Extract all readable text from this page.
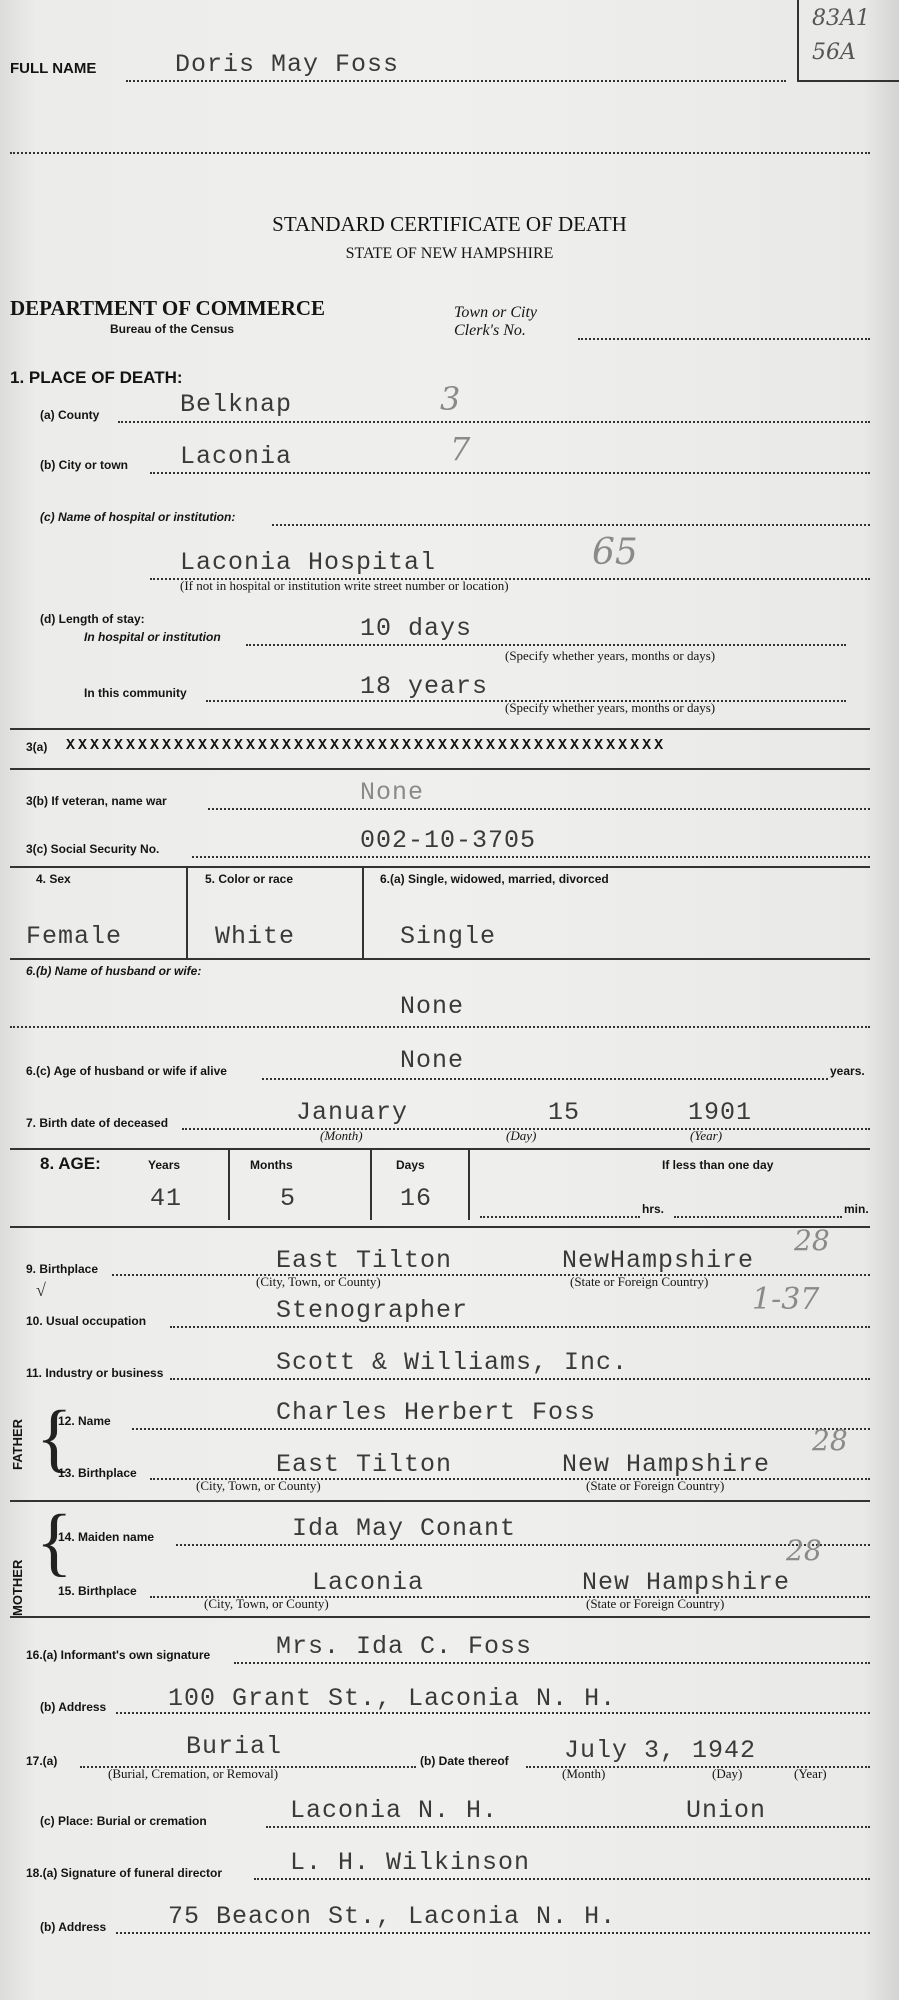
83A1
56A
FULL NAME	Doris May Foss
STANDARD CERTIFICATE OF DEATH
STATE OF NEW HAMPSHIRE
DEPARTMENT OF COMMERCE
Bureau of the Census
Town or City
Clerk's No.
1. PLACE OF DEATH:
(a) County	Belknap	3
(b) City or town Laconia	7
(c) Name of hospital or institution:
Laconia Hospital	65
(If not in hospital or institution write street number or location)
(d) Length of stay:
In hospital or institution	10 days
(Specify whether years, months or days)
In this community	18 years
(Specify whether years, months or days)
3(a) XXXXXXXXXXXXXXXXXXXXXXXXXXXXXXXXXXXXXXXXXXXXXXXXXX
3(b) If veteran, name war	None
3(c) Social Security No.	002-10-3705
4. Sex	5. Color or race	6.(a) Single, widowed, married, divorced
Female	White	Single
6.(b) Name of husband or wife:
None
6.(c) Age of husband or wife if alive	None	years.
7. Birth date of deceased	January	15	1901
(Month)	(Day)	(Year)
8. AGE:	Years	Months	Days	If less than one day
41	5	16	hrs.	min.
9. Birthplace	East Tilton	NewHampshire
28
(City, Town, or County)	(State or Foreign Country)
√
10. Usual occupation	Stenographer	1-37
11. Industry or business	Scott & Williams, Inc.
FATHER {
12. Name	Charles Herbert Foss
13. Birthplace	East Tilton	New Hampshire
28
(City, Town, or County)	(State or Foreign Country)
MOTHER
{
14. Maiden name	Ida May Conant
15. Birthplace	Laconia	New Hampshire
28
(City, Town, or County)	(State or Foreign Country)
16.(a) Informant's own signature	Mrs. Ida C. Foss
(b) Address 100 Grant St., Laconia N. H.
17.(a)	Burial
(Burial, Cremation, or Removal)
(b) Date thereof July 3, 1942
(Month)	(Day)	(Year)
(c) Place: Burial or cremation	Laconia N. H.	Union
18.(a) Signature of funeral director	L. H. Wilkinson
(b) Address 75 Beacon St., Laconia N. H.
